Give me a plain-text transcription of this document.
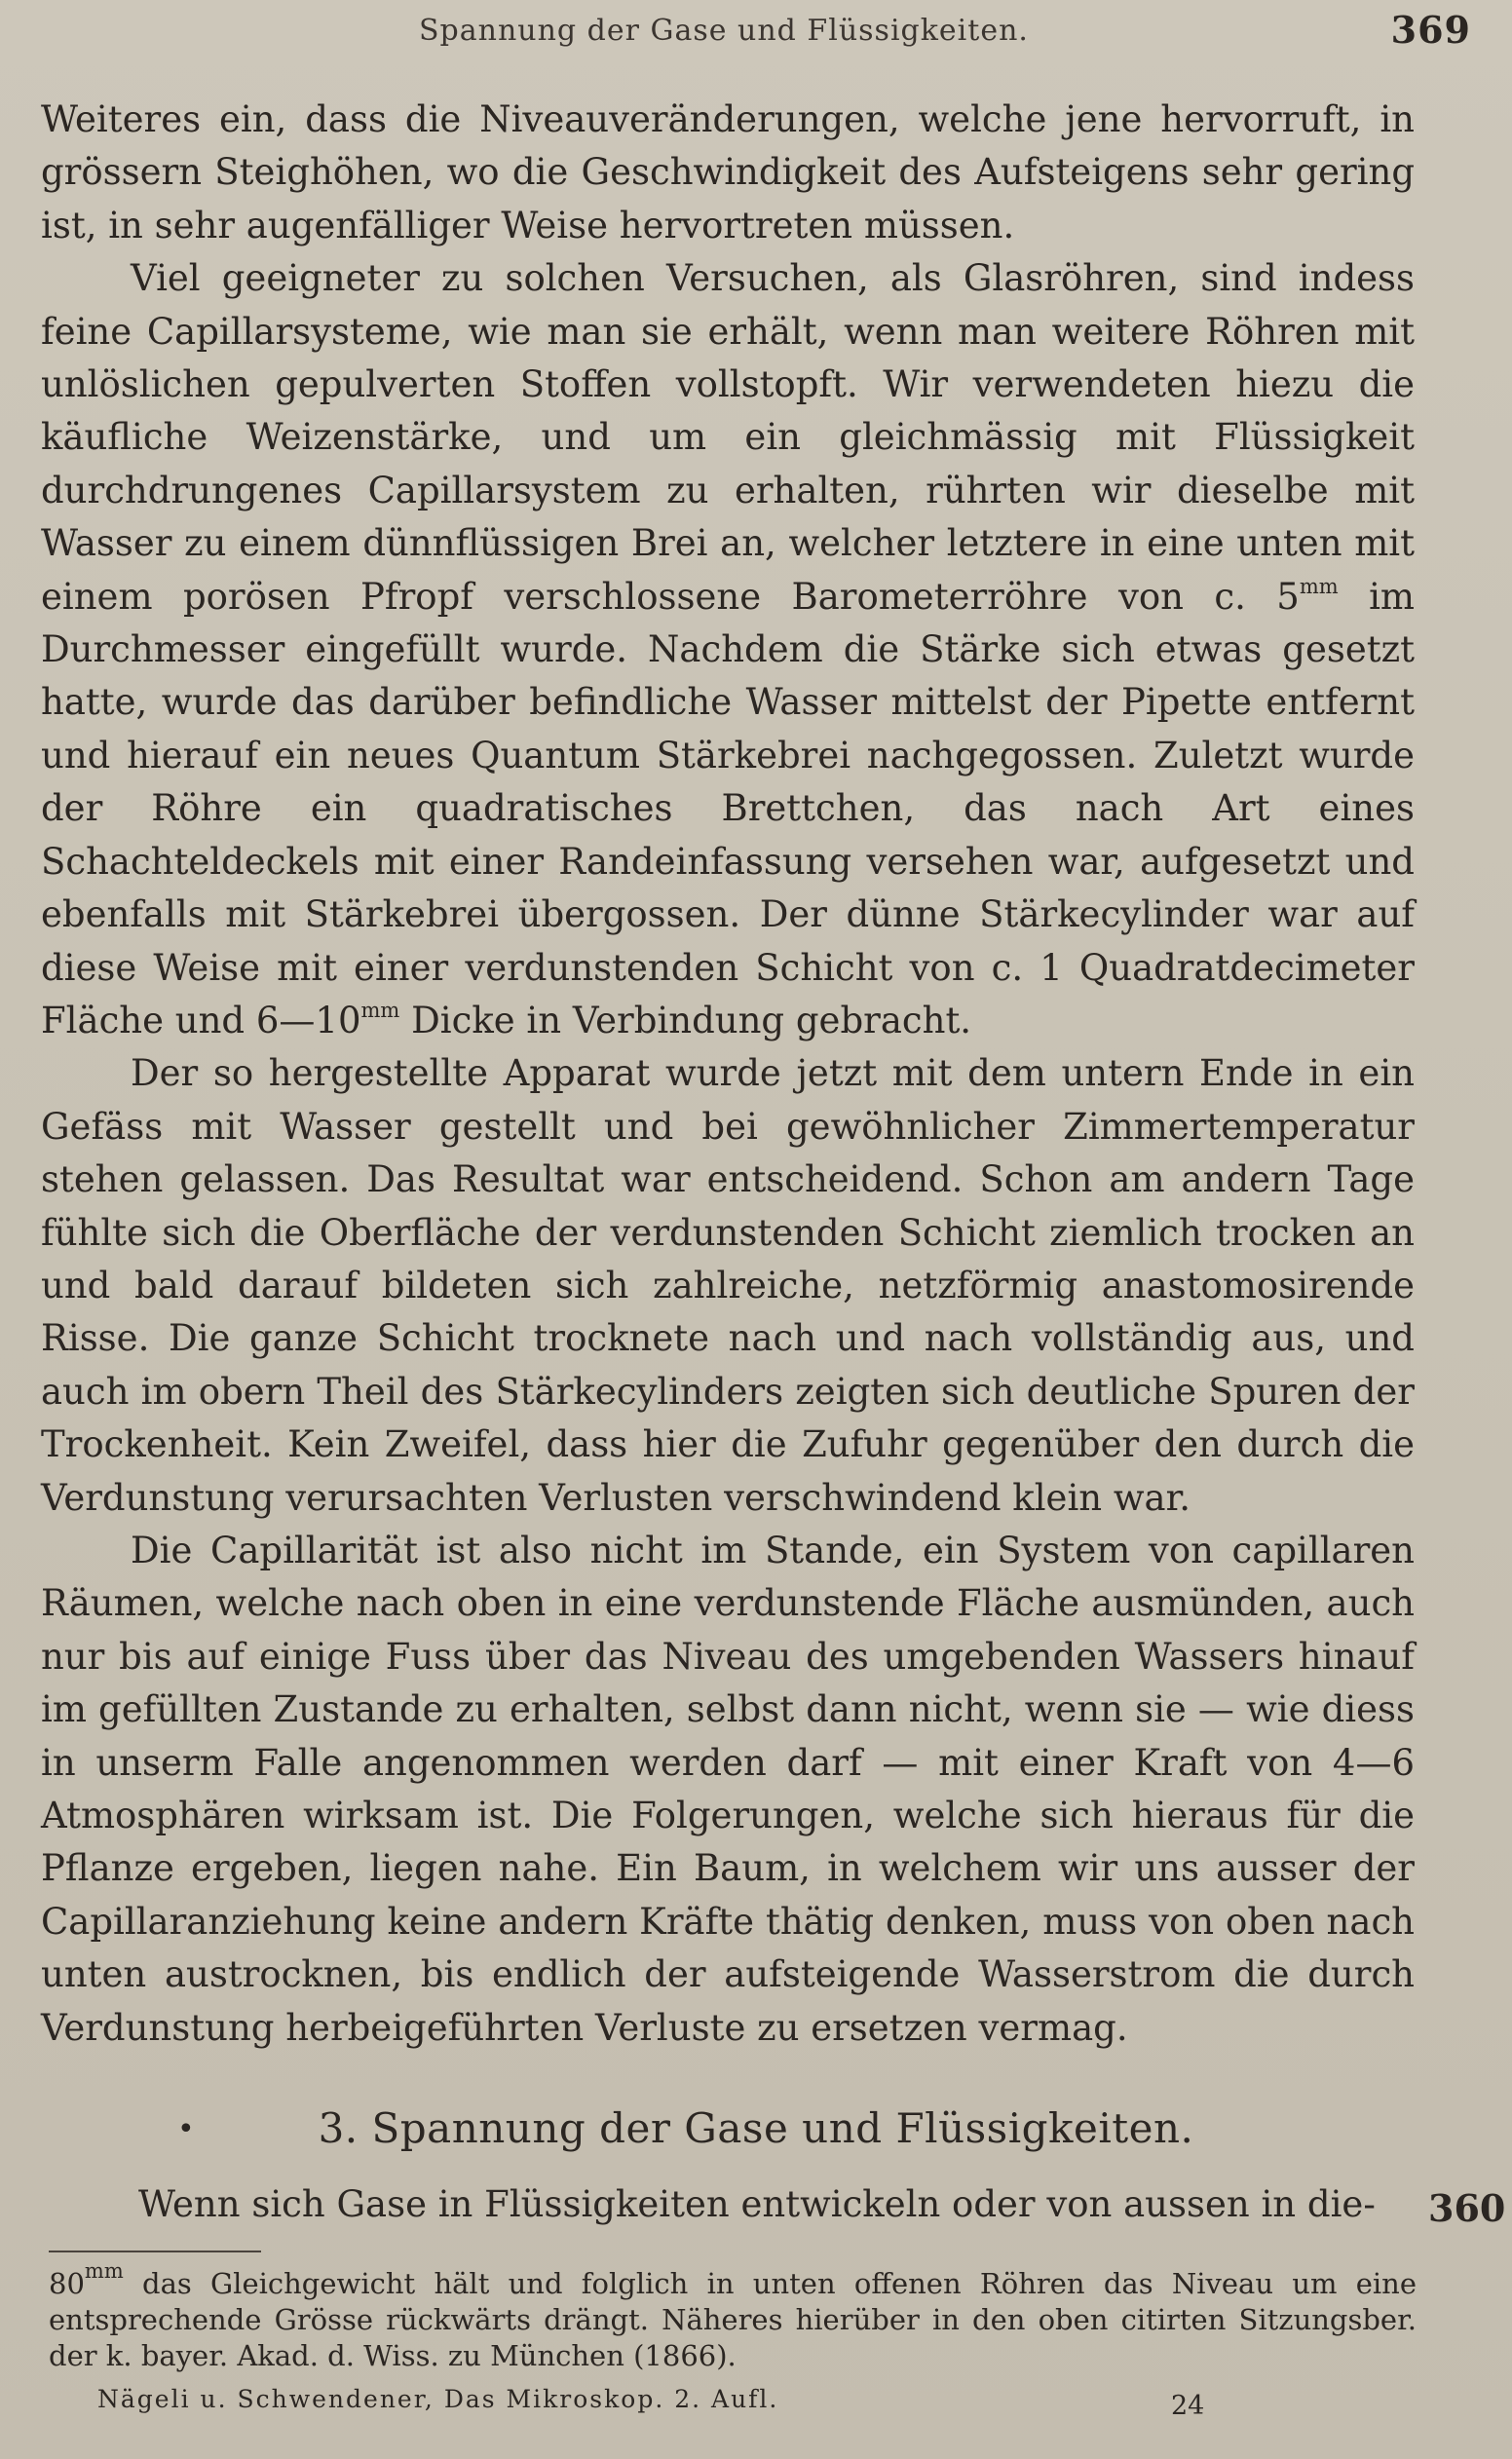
Spannung der Gase und Flüssigkeiten.	369

Weiteres ein, dass die Niveauveränderungen, welche jene hervorruft, in grössern Steighöhen, wo die Geschwindigkeit des Aufsteigens sehr gering ist, in sehr augenfälliger Weise hervortreten müssen.

Viel geeigneter zu solchen Versuchen, als Glasröhren, sind indess feine Capillarsysteme, wie man sie erhält, wenn man weitere Röhren mit unlöslichen gepulverten Stoffen vollstopft. Wir verwendeten hiezu die käufliche Weizenstärke, und um ein gleichmässig mit Flüssigkeit durchdrungenes Capillarsystem zu erhalten, rührten wir dieselbe mit Wasser zu einem dünnflüssigen Brei an, welcher letztere in eine unten mit einem porösen Pfropf verschlossene Barometerröhre von c. $5^{mm}$ im Durchmesser eingefüllt wurde. Nachdem die Stärke sich etwas gesetzt hatte, wurde das darüber befindliche Wasser mittelst der Pipette entfernt und hierauf ein neues Quantum Stärkebrei nachgegossen. Zuletzt wurde der Röhre ein quadratisches Brettchen, das nach Art eines Schachteldeckels mit einer Randeinfassung versehen war, aufgesetzt und ebenfalls mit Stärkebrei übergossen. Der dünne Stärkecylinder war auf diese Weise mit einer verdunstenden Schicht von c. 1 Quadratdecimeter Fläche und $6—10^{mm}$ Dicke in Verbindung gebracht.

Der so hergestellte Apparat wurde jetzt mit dem untern Ende in ein Gefäss mit Wasser gestellt und bei gewöhnlicher Zimmertemperatur stehen gelassen. Das Resultat war entscheidend. Schon am andern Tage fühlte sich die Oberfläche der verdunstenden Schicht ziemlich trocken an und bald darauf bildeten sich zahlreiche, netzförmig anastomosirende Risse. Die ganze Schicht trocknete nach und nach vollständig aus, und auch im obern Theil des Stärkecylinders zeigten sich deutliche Spuren der Trockenheit. Kein Zweifel, dass hier die Zufuhr gegenüber den durch die Verdunstung verursachten Verlusten verschwindend klein war.

Die Capillarität ist also nicht im Stande, ein System von capillaren Räumen, welche nach oben in eine verdunstende Fläche ausmünden, auch nur bis auf einige Fuss über das Niveau des umgebenden Wassers hinauf im gefüllten Zustande zu erhalten, selbst dann nicht, wenn sie — wie diess in unserm Falle angenommen werden darf — mit einer Kraft von 4—6 Atmosphären wirksam ist. Die Folgerungen, welche sich hieraus für die Pflanze ergeben, liegen nahe. Ein Baum, in welchem wir uns ausser der Capillaranziehung keine andern Kräfte thätig denken, muss von oben nach unten austrocknen, bis endlich der aufsteigende Wasserstrom die durch Verdunstung herbeigeführten Verluste zu ersetzen vermag.

•	3. Spannung der Gase und Flüssigkeiten.
Wenn sich Gase in Flüssigkeiten entwickeln oder von aussen in die-	360
$80^{mm}$ das Gleichgewicht hält und folglich in unten offenen Röhren das Niveau um eine entsprechende Grösse rückwärts drängt. Näheres hierüber in den oben citirten Sitzungsber. der k. bayer. Akad. d. Wiss. zu München (1866).
Nägeli u. Schwendener, Das Mikroskop. 2. Aufl.	24
